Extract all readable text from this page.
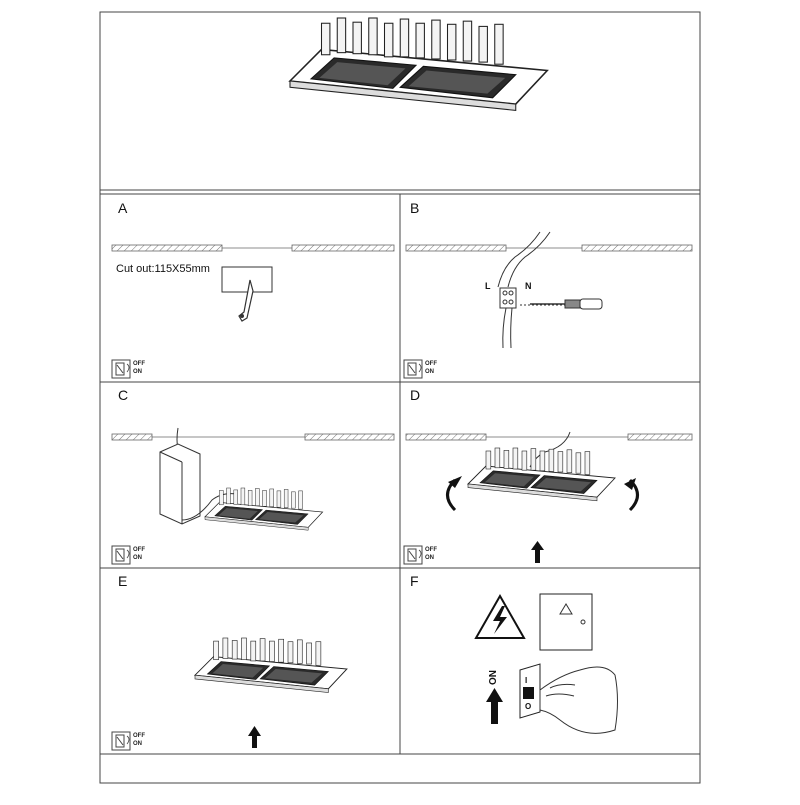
A	B
C	D
E	F
Cut out:115X55mm
L	N
OFF
ON
OFF
ON
OFF
ON
OFF
ON
OFF
ON
ON	I
O
